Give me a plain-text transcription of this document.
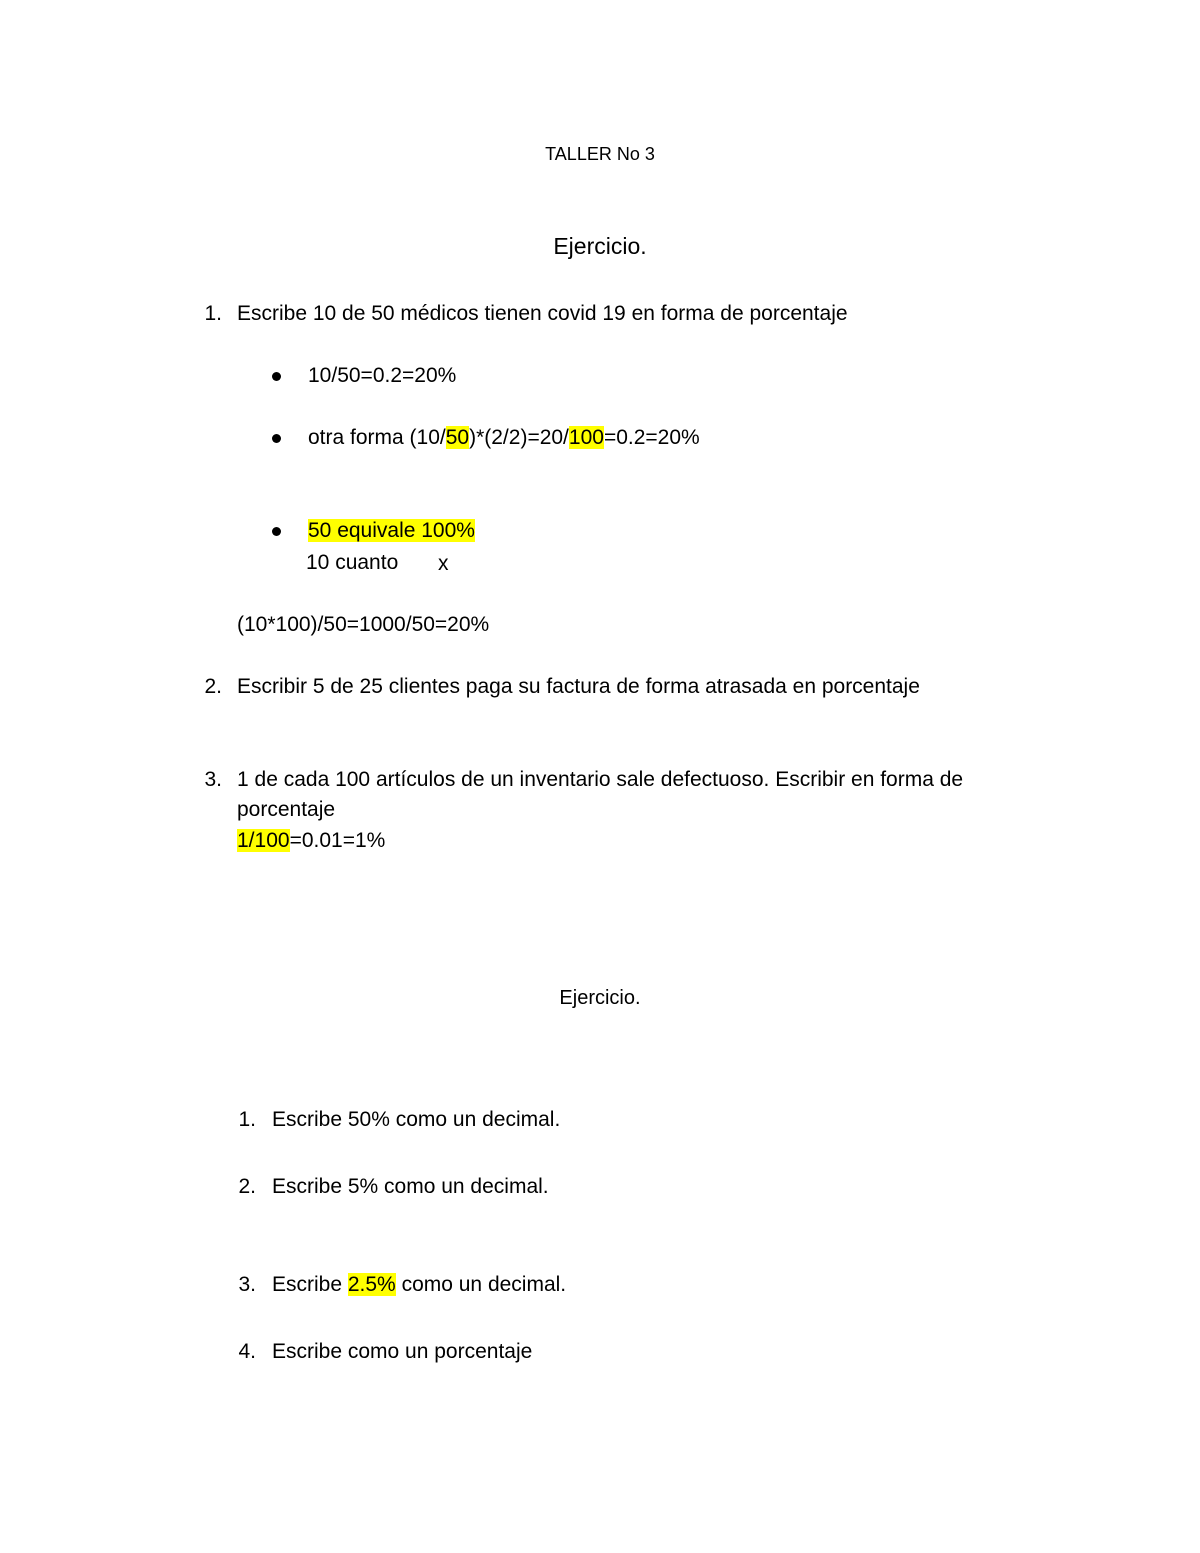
TALLER No 3
Ejercicio.
1. Escribe 10 de 50 médicos tienen covid 19 en forma de porcentaje
10/50=0.2=20%
otra forma (10/50)*(2/2)=20/100=0.2=20%
50 equivale 100%
10 cuanto x
(10*100)/50=1000/50=20%
2. Escribir 5 de 25 clientes paga su factura de forma atrasada en porcentaje
3. 1 de cada 100 artículos de un inventario sale defectuoso. Escribir en forma de
porcentaje
1/100=0.01=1%
Ejercicio.
1. Escribe 50% como un decimal.
2. Escribe 5% como un decimal.
3. Escribe 2.5% como un decimal.
4. Escribe como un porcentaje
